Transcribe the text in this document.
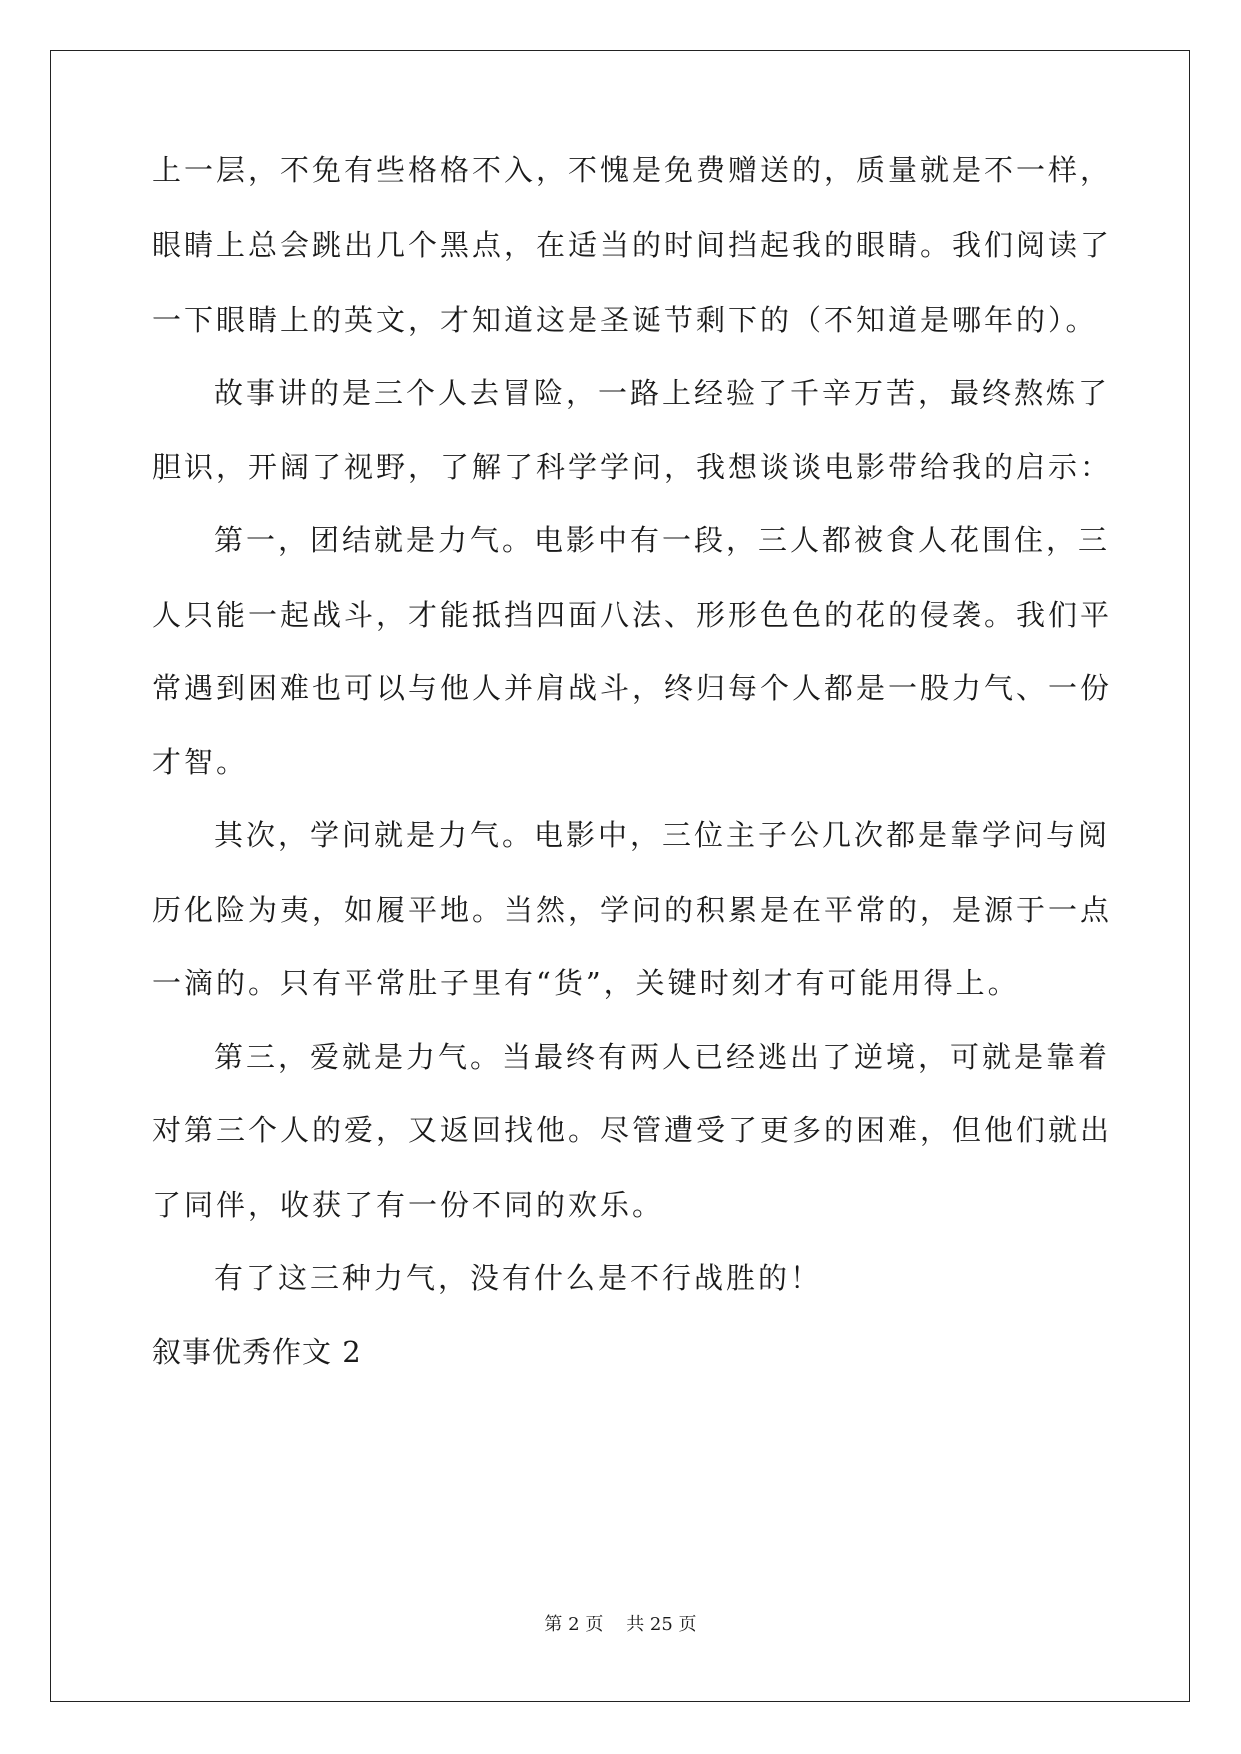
上一层，不免有些格格不入，不愧是免费赠送的，质量就是不一样，
眼睛上总会跳出几个黑点，在适当的时间挡起我的眼睛。我们阅读了
一下眼睛上的英文，才知道这是圣诞节剩下的（不知道是哪年的）。
故事讲的是三个人去冒险，一路上经验了千辛万苦，最终熬炼了
胆识，开阔了视野，了解了科学学问，我想谈谈电影带给我的启示：
第一，团结就是力气。电影中有一段，三人都被食人花围住，三
人只能一起战斗，才能抵挡四面八法、形形色色的花的侵袭。我们平
常遇到困难也可以与他人并肩战斗，终归每个人都是一股力气、一份
才智。
其次，学问就是力气。电影中，三位主子公几次都是靠学问与阅
历化险为夷，如履平地。当然，学问的积累是在平常的，是源于一点
一滴的。只有平常肚子里有“货”，关键时刻才有可能用得上。
第三，爱就是力气。当最终有两人已经逃出了逆境，可就是靠着
对第三个人的爱，又返回找他。尽管遭受了更多的困难，但他们就出
了同伴，收获了有一份不同的欢乐。
有了这三种力气，没有什么是不行战胜的！
叙事优秀作文 2
第 2 页    共 25 页
